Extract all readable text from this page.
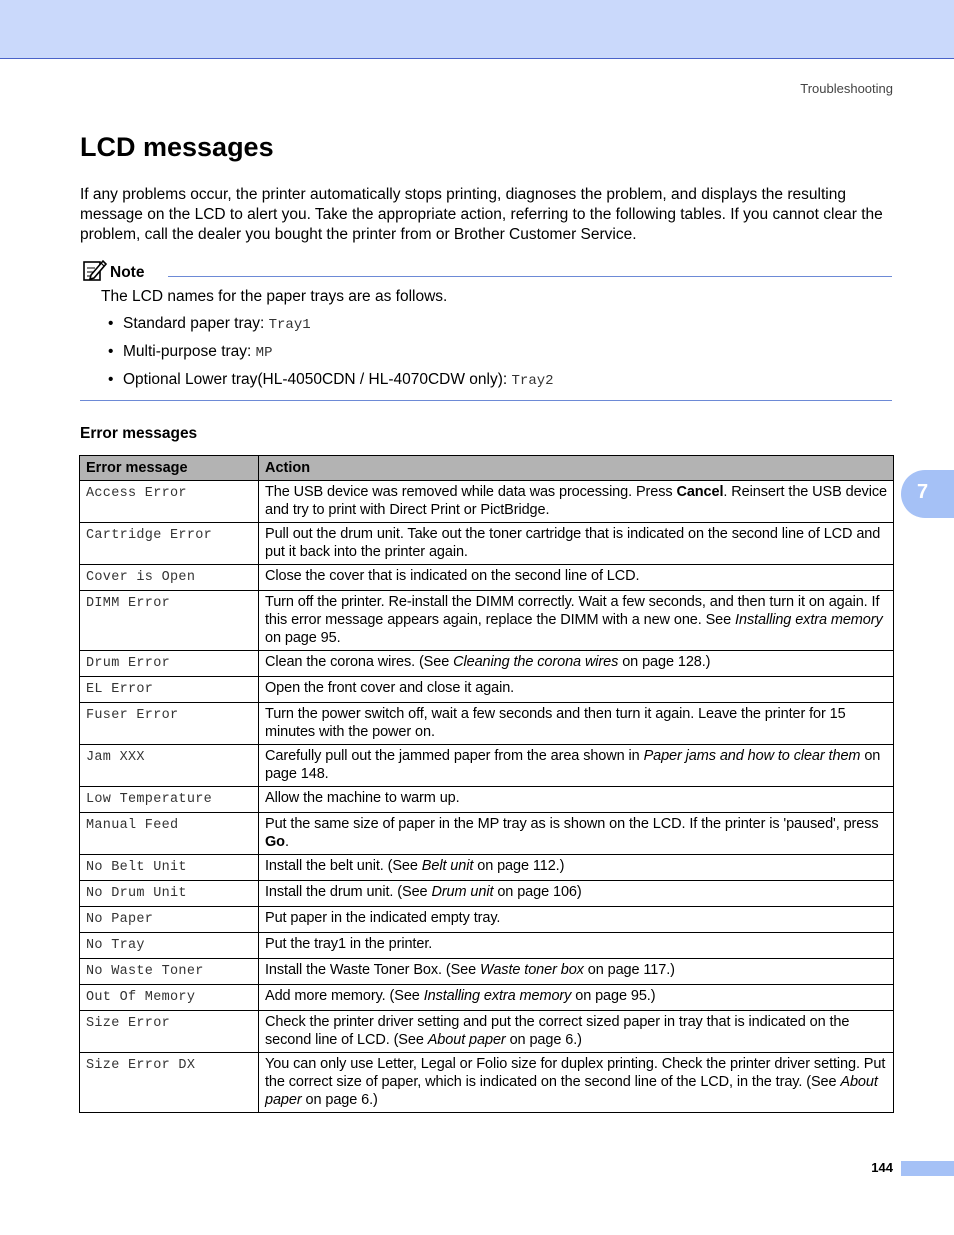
Troubleshooting
LCD messages

If any problems occur, the printer automatically stops printing, diagnoses the problem, and displays the resulting message on the LCD to alert you. Take the appropriate action, referring to the following tables. If you cannot clear the problem, call the dealer you bought the printer from or Brother Customer Service.

Note

The LCD names for the paper trays are as follows.

• Standard paper tray: Tray1
• Multi-purpose tray: MP
• Optional Lower tray(HL-4050CDN / HL-4070CDW only): Tray2
Error messages
Error message	Action
Access Error	The USB device was removed while data was processing. Press Cancel. Reinsert the USB device and try to print with Direct Print or PictBridge.
Cartridge Error	Pull out the drum unit. Take out the toner cartridge that is indicated on the second line of LCD and put it back into the printer again.
Cover is Open	Close the cover that is indicated on the second line of LCD.
DIMM Error	Turn off the printer. Re-install the DIMM correctly. Wait a few seconds, and then turn it on again. If this error message appears again, replace the DIMM with a new one. See Installing extra memory on page 95.
Drum Error	Clean the corona wires. (See Cleaning the corona wires on page 128.)
EL Error	Open the front cover and close it again.
Fuser Error	Turn the power switch off, wait a few seconds and then turn it again. Leave the printer for 15 minutes with the power on.
Jam XXX	Carefully pull out the jammed paper from the area shown in Paper jams and how to clear them on page 148.
Low Temperature	Allow the machine to warm up.
Manual Feed	Put the same size of paper in the MP tray as is shown on the LCD. If the printer is 'paused', press Go.
No Belt Unit	Install the belt unit. (See Belt unit on page 112.)
No Drum Unit	Install the drum unit. (See Drum unit on page 106)
No Paper	Put paper in the indicated empty tray.
No Tray	Put the tray1 in the printer.
No Waste Toner	Install the Waste Toner Box. (See Waste toner box on page 117.)
Out Of Memory	Add more memory. (See Installing extra memory on page 95.)
Size Error	Check the printer driver setting and put the correct sized paper in tray that is indicated on the second line of LCD. (See About paper on page 6.)
Size Error DX	You can only use Letter, Legal or Folio size for duplex printing. Check the printer driver setting. Put the correct size of paper, which is indicated on the second line of the LCD, in the tray. (See About paper on page 6.)
7
144
